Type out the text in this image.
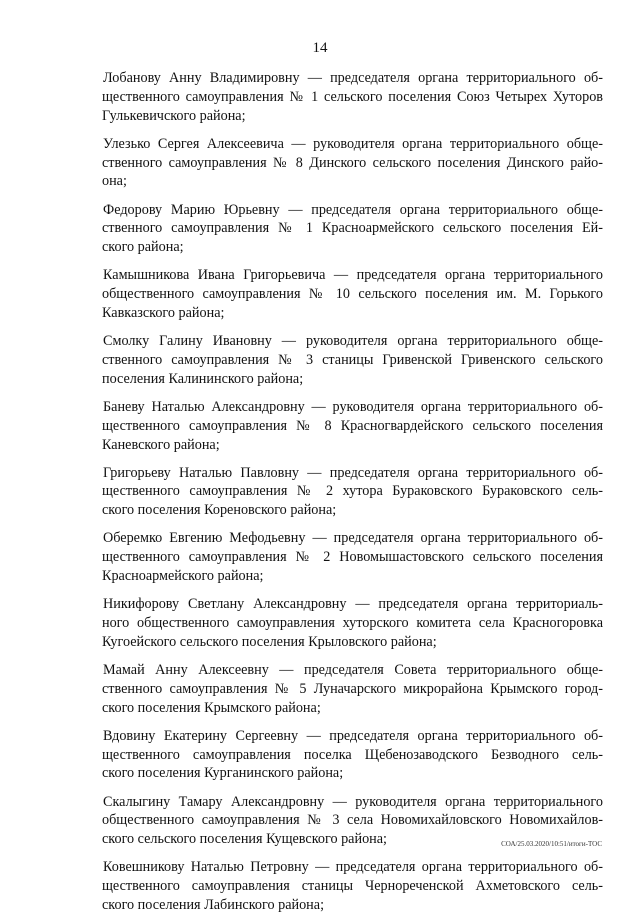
14
Лобанову Анну Владимировну — председателя органа территориального об-
щественного самоуправления № 1 сельского поселения Союз Четырех Хуторов
Гулькевичского района;
Улезько Сергея Алексеевича — руководителя органа территориального обще-
ственного самоуправления № 8 Динского сельского поселения Динского райо-
она;
Федорову Марию Юрьевну — председателя органа территориального обще-
ственного самоуправления № 1 Красноармейского сельского поселения Ей-
ского района;
Камышникова Ивана Григорьевича — председателя органа территориального
общественного самоуправления № 10 сельского поселения им. М. Горького
Кавказского района;
Смолку Галину Ивановну — руководителя органа территориального обще-
ственного самоуправления № 3 станицы Гривенской Гривенского сельского
поселения Калининского района;
Баневу Наталью Александровну — руководителя органа территориального об-
щественного самоуправления № 8 Красногвардейского сельского поселения
Каневского района;
Григорьеву Наталью Павловну — председателя органа территориального об-
щественного самоуправления № 2 хутора Бураковского Бураковского сель-
ского поселения Кореновского района;
Оберемко Евгению Мефодьевну — председателя органа территориального об-
щественного самоуправления № 2 Новомышастовского сельского поселения
Красноармейского района;
Никифорову Светлану Александровну — председателя органа территориаль-
ного общественного самоуправления хуторского комитета села Красногоровка
Кугоейского сельского поселения Крыловского района;
Мамай Анну Алексеевну — председателя Совета территориального обще-
ственного самоуправления № 5 Луначарского микрорайона Крымского город-
ского поселения Крымского района;
Вдовину Екатерину Сергеевну — председателя органа территориального об-
щественного самоуправления поселка Щебенозаводского Безводного сель-
ского поселения Курганинского района;
Скалыгину Тамару Александровну — руководителя органа территориального
общественного самоуправления № 3 села Новомихайловского Новомихайлов-
ского сельского поселения Кущевского района;
Ковешникову Наталью Петровну — председателя органа территориального об-
щественного самоуправления станицы Чернореченской Ахметовского сель-
ского поселения Лабинского района;
СОА/25.03.2020/10:51/итоги-ТОС
